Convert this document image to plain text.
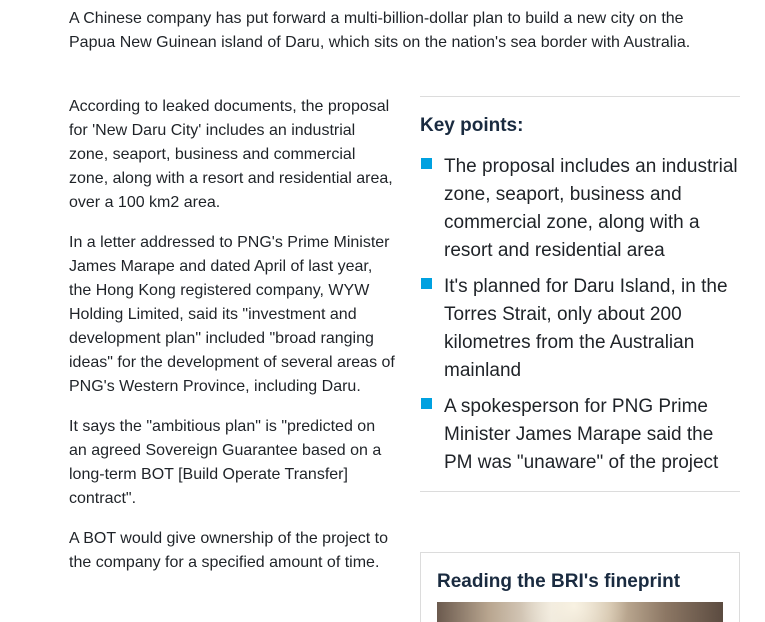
A Chinese company has put forward a multi-billion-dollar plan to build a new city on the Papua New Guinean island of Daru, which sits on the nation's sea border with Australia.

According to leaked documents, the proposal for 'New Daru City' includes an industrial zone, seaport, business and commercial zone, along with a resort and residential area, over a 100 km2 area.

In a letter addressed to PNG's Prime Minister James Marape and dated April of last year, the Hong Kong registered company, WYW Holding Limited, said its "investment and development plan" included "broad ranging ideas" for the development of several areas of PNG's Western Province, including Daru.

It says the "ambitious plan" is "predicted on an agreed Sovereign Guarantee based on a long-term BOT [Build Operate Transfer] contract".

A BOT would give ownership of the project to the company for a specified amount of time.

Key points:
The proposal includes an industrial zone, seaport, business and commercial zone, along with a resort and residential area
It's planned for Daru Island, in the Torres Strait, only about 200 kilometres from the Australian mainland
A spokesperson for PNG Prime Minister James Marape said the PM was "unaware" of the project
Reading the BRI's fineprint
